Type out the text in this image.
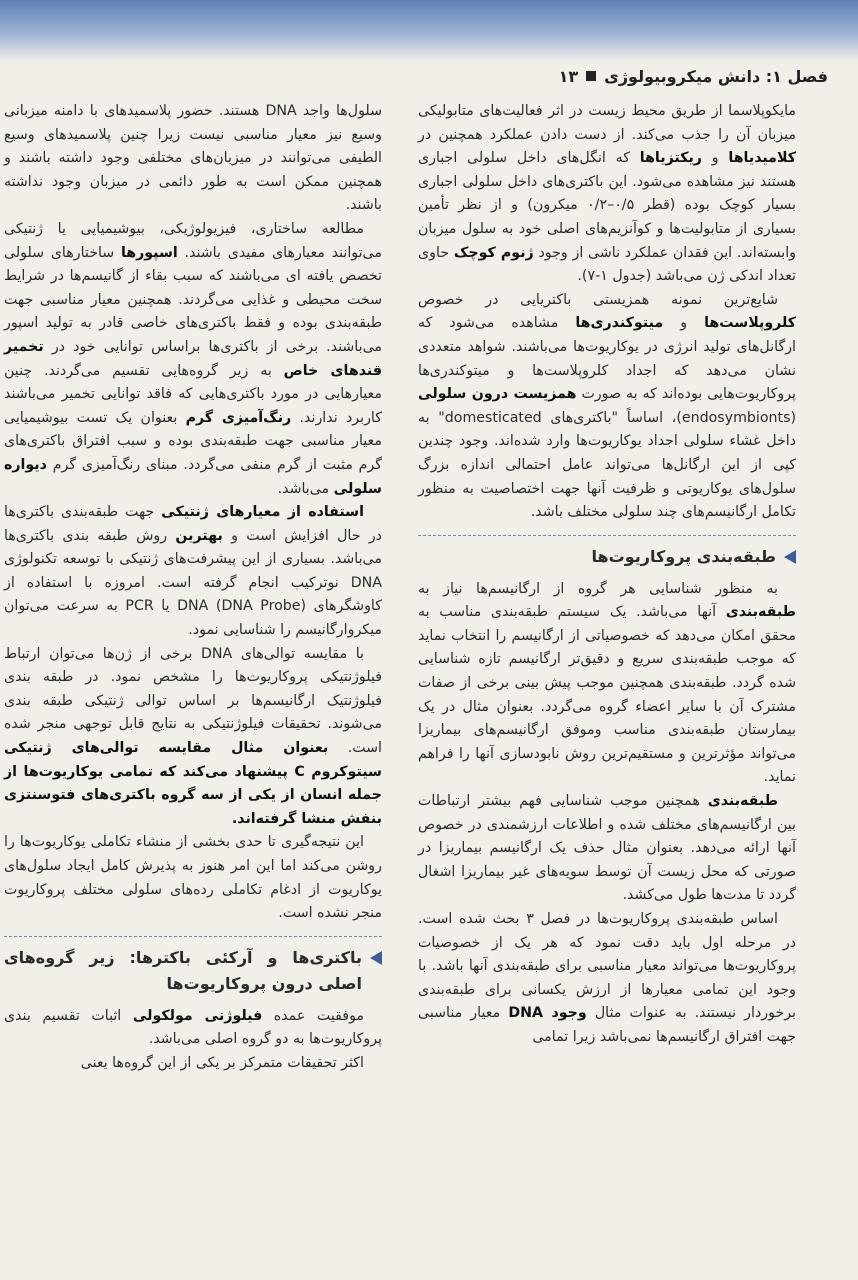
فصل ۱: دانش میکروبیولوژی
۱۳

مایکوپلاسما از طریق محیط زیست در اثر فعالیت‌های متابولیکی میزبان آن را جذب می‌کند. از دست دادن عملکرد همچنین در کلامیدیاها و ریکتزیاها که انگل‌های داخل سلولی اجباری هستند نیز مشاهده می‌شود. این باکتری‌های داخل سلولی اجباری بسیار کوچک بوده (قطر ۰/۵–۰/۲ میکرون) و از نظر تأمین بسیاری از متابولیت‌ها و کوآنزیم‌های اصلی خود به سلول میزبان وابسته‌اند. این فقدان عملکرد ناشی از وجود ژنوم کوچک حاوی تعداد اندکی ژن می‌باشد (جدول ۱-۷).

شایع‌ترین نمونه همزیستی باکتریایی در خصوص کلروپلاست‌ها و میتوکندری‌ها مشاهده می‌شود که ارگانل‌های تولید انرژی در یوکاریوت‌ها می‌باشند. شواهد متعددی نشان می‌دهد که اجداد کلروپلاست‌ها و میتوکندری‌ها پروکاریوت‌هایی بوده‌اند که به صورت همزیست درون سلولی (endosymbionts)، اساساً "باکتری‌های domesticated" به داخل غشاء سلولی اجداد یوکاریوت‌ها وارد شده‌اند. وجود چندین کپی از این ارگانل‌ها می‌تواند عامل احتمالی اندازه بزرگ سلول‌های یوکاریوتی و ظرفیت آنها جهت اختصاصیت به منظور تکامل ارگانیسم‌های چند سلولی مختلف باشد.

طبقه‌بندی پروکاریوت‌ها

به منظور شناسایی هر گروه از ارگانیسم‌ها نیاز به طبقه‌بندی آنها می‌باشد. یک سیستم طبقه‌بندی مناسب به محقق امکان می‌دهد که خصوصیاتی از ارگانیسم را انتخاب نماید که موجب طبقه‌بندی سریع و دقیق‌تر ارگانیسم تازه شناسایی شده گردد. طبقه‌بندی همچنین موجب پیش بینی برخی از صفات مشترک آن با سایر اعضاء گروه می‌گردد. بعنوان مثال در یک بیمارستان طبقه‌بندی مناسب وموفق ارگانیسم‌های بیماریزا می‌تواند مؤثرترین و مستقیم‌ترین روش نابودسازی آنها را فراهم نماید.

طبقه‌بندی همچنین موجب شناسایی فهم بیشتر ارتباطات بین ارگانیسم‌های مختلف شده و اطلاعات ارزشمندی در خصوص آنها ارائه می‌دهد. بعنوان مثال حذف یک ارگانیسم بیماریزا در صورتی که محل زیست آن توسط سویه‌های غیر بیماریزا اشغال گردد تا مدت‌ها طول می‌کشد.

اساس طبقه‌بندی پروکاریوت‌ها در فصل ۳ بحث شده است. در مرحله اول باید دقت نمود که هر یک از خصوصیات پروکاریوت‌ها می‌تواند معیار مناسبی برای طبقه‌بندی آنها باشد. با وجود این تمامی معیارها از ارزش یکسانی برای طبقه‌بندی برخوردار نیستند. به عنوات مثال وجود DNA معیار مناسبی جهت افتراق ارگانیسم‌ها نمی‌باشد زیرا تمامی

سلول‌ها واجد DNA هستند. حضور پلاسمیدهای با دامنه میزبانی وسیع نیز معیار مناسبی نیست زیرا چنین پلاسمیدهای وسیع الطیفی می‌توانند در میزبان‌های مختلفی وجود داشته باشند و همچنین ممکن است به طور دائمی در میزبان وجود نداشته باشند.

مطالعه ساختاری، فیزیولوژیکی، بیوشیمیایی یا ژنتیکی می‌توانند معیارهای مفیدی باشند. اسپورها ساختارهای سلولی تخصص یافته ای می‌باشند که سبب بقاء از گانیسم‌ها در شرایط سخت محیطی و غذایی می‌گردند. همچنین معیار مناسبی جهت طبقه‌بندی بوده و فقط باکتری‌های خاصی قادر به تولید اسپور می‌باشند. برخی از باکتری‌ها براساس توانایی خود در تخمیر قندهای خاص به زیر گروه‌هایی تقسیم می‌گردند. چنین معیارهایی در مورد باکتری‌هایی که فاقد توانایی تخمیر می‌باشند کاربرد ندارند. رنگ‌آمیزی گرم بعنوان یک تست بیوشیمیایی معیار مناسبی جهت طبقه‌بندی بوده و سبب افتراق باکتری‌های گرم مثبت از گرم منفی می‌گردد. مبنای رنگ‌آمیزی گرم دیواره سلولی می‌باشد.

استفاده از معیارهای ژنتیکی جهت طبقه‌بندی باکتری‌ها در حال افزایش است و بهترین روش طبقه بندی باکتری‌ها می‌باشد. بسیاری از این پیشرفت‌های ژنتیکی با توسعه تکنولوژی DNA نوترکیب انجام گرفته است. امروزه با استفاده از کاوشگرهای DNA (DNA Probe) یا PCR به سرعت می‌توان میکروارگانیسم را شناسایی نمود.

با مقایسه توالی‌های DNA برخی از ژن‌ها می‌توان ارتباط فیلوژنتیکی پروکاریوت‌ها را مشخص نمود. در طبقه بندی فیلوژنتیک ارگانیسم‌ها بر اساس توالی ژنتیکی طبقه بندی می‌شوند. تحقیقات فیلوژنتیکی به نتایج قابل توجهی منجر شده است. بعنوان مثال مقایسه توالی‌های ژنتیکی سیتوکروم C پیشنهاد می‌کند که تمامی یوکاریوت‌ها از جمله انسان از یکی از سه گروه باکتری‌های فتوسنتزی بنفش منشا گرفته‌اند.

این نتیجه‌گیری تا حدی بخشی از منشاء تکاملی یوکاریوت‌ها را روشن می‌کند اما این امر هنوز به پذیرش کامل ایجاد سلول‌های یوکاریوت از ادغام تکاملی رده‌های سلولی مختلف پروکاریوت منجر نشده است.

باکتری‌ها و آرکئی باکترها: زیر گروه‌های اصلی درون پروکاریوت‌ها

موفقیت عمده فیلوژنی مولکولی اثبات تقسیم بندی پروکاریوت‌ها به دو گروه اصلی می‌باشد.

اکثر تحقیقات متمرکز بر یکی از این گروه‌ها یعنی
